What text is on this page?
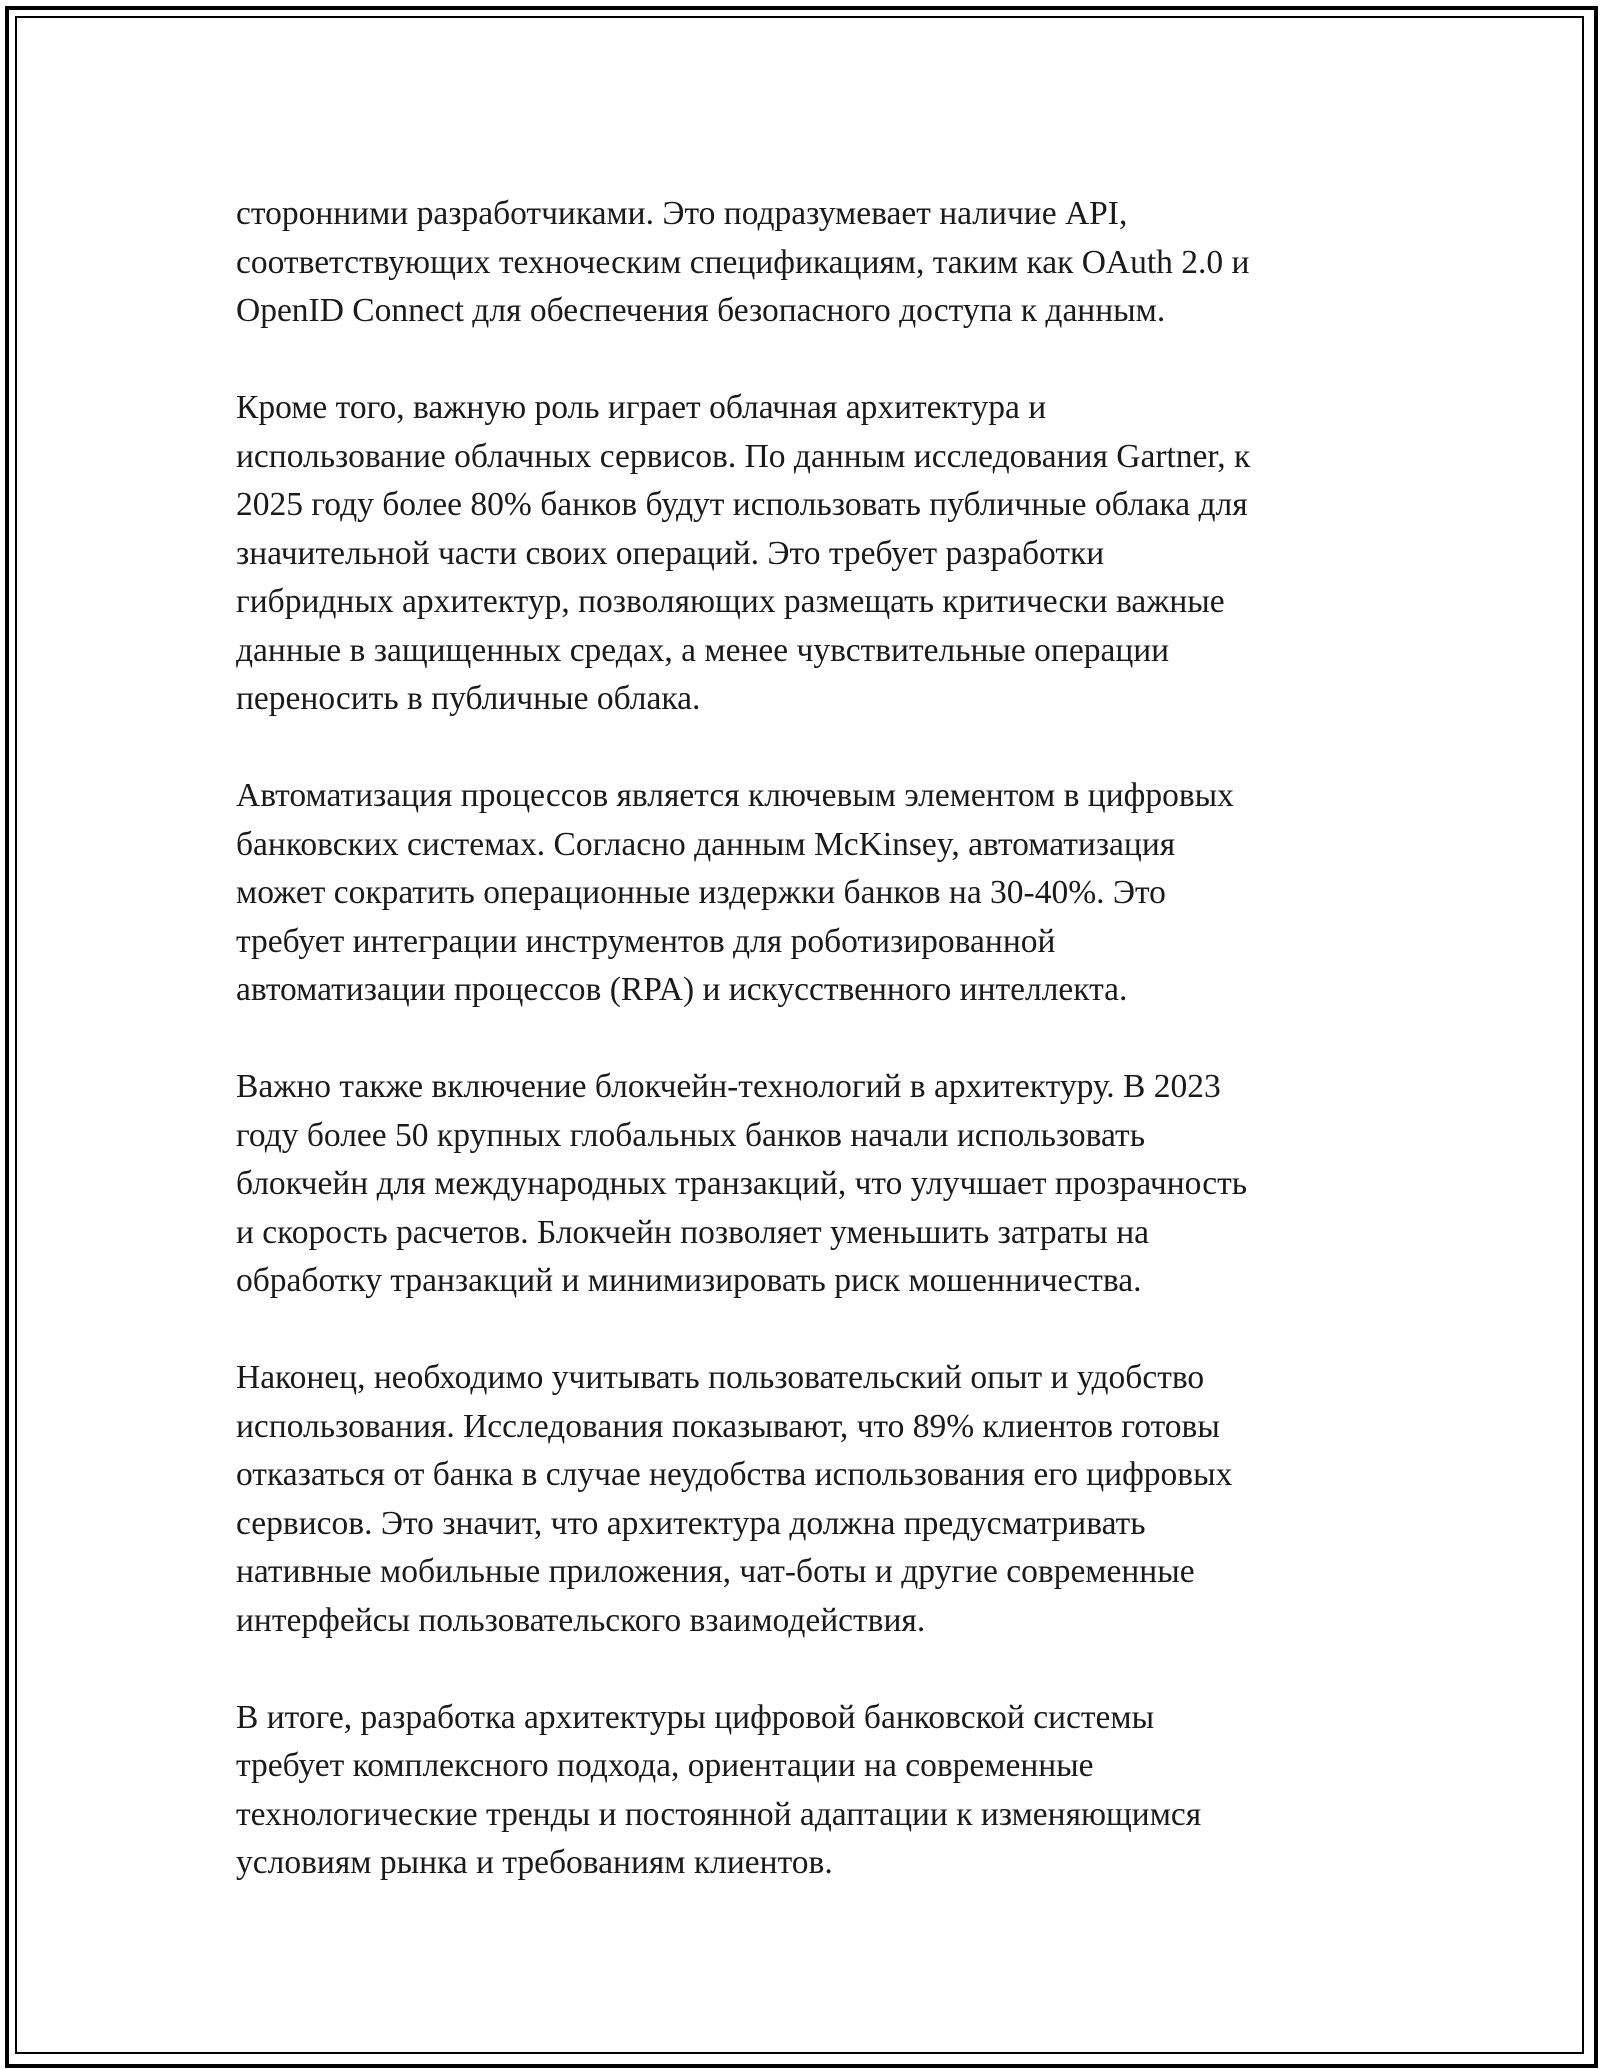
сторонними разработчиками. Это подразумевает наличие API,
соответствующих техноческим спецификациям, таким как OAuth 2.0 и
OpenID Connect для обеспечения безопасного доступа к данным.
Кроме того, важную роль играет облачная архитектура и
использование облачных сервисов. По данным исследования Gartner, к
2025 году более 80% банков будут использовать публичные облака для
значительной части своих операций. Это требует разработки
гибридных архитектур, позволяющих размещать критически важные
данные в защищенных средах, а менее чувствительные операции
переносить в публичные облака.
Автоматизация процессов является ключевым элементом в цифровых
банковских системах. Согласно данным McKinsey, автоматизация
может сократить операционные издержки банков на 30-40%. Это
требует интеграции инструментов для роботизированной
автоматизации процессов (RPA) и искусственного интеллекта.
Важно также включение блокчейн-технологий в архитектуру. В 2023
году более 50 крупных глобальных банков начали использовать
блокчейн для международных транзакций, что улучшает прозрачность
и скорость расчетов. Блокчейн позволяет уменьшить затраты на
обработку транзакций и минимизировать риск мошенничества.
Наконец, необходимо учитывать пользовательский опыт и удобство
использования. Исследования показывают, что 89% клиентов готовы
отказаться от банка в случае неудобства использования его цифровых
сервисов. Это значит, что архитектура должна предусматривать
нативные мобильные приложения, чат-боты и другие современные
интерфейсы пользовательского взаимодействия.
В итоге, разработка архитектуры цифровой банковской системы
требует комплексного подхода, ориентации на современные
технологические тренды и постоянной адаптации к изменяющимся
условиям рынка и требованиям клиентов.
